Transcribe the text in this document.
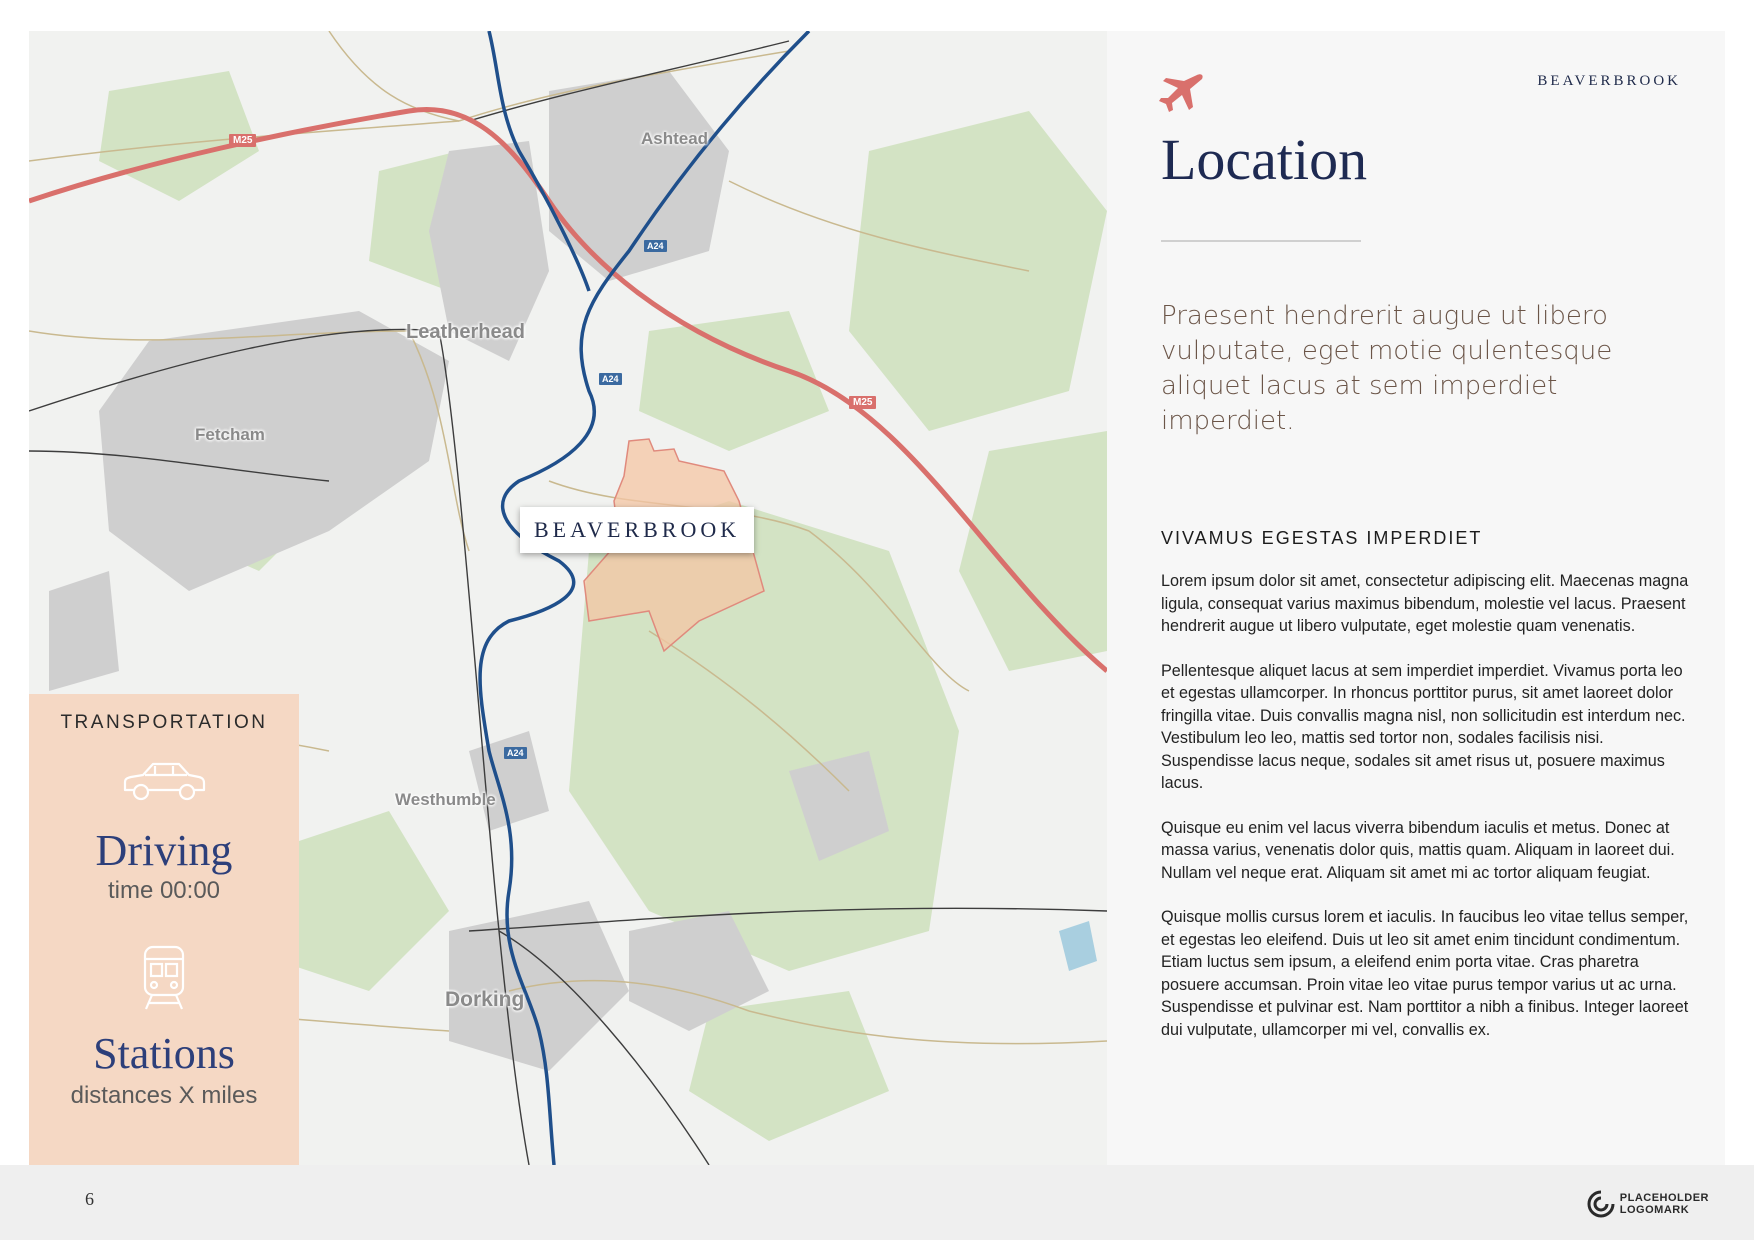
Ashtead
Leatherhead
Fetcham
Westhumble
Dorking
M25
M25
A24
A24
A24
BEAVERBROOK
TRANSPORTATION
Driving
time 00:00
Stations
distances X miles
BEAVERBROOK
Location

Praesent hendrerit augue ut libero vulputate, eget motie qulentesque aliquet lacus at sem imperdiet imperdiet.

VIVAMUS EGESTAS IMPERDIET

Lorem ipsum dolor sit amet, consectetur adipiscing elit. Maecenas magna ligula, consequat varius maximus bibendum, molestie vel lacus. Praesent hendrerit augue ut libero vulputate, eget molestie quam venenatis.

Pellentesque aliquet lacus at sem imperdiet imperdiet. Vivamus porta leo et egestas ullamcorper. In rhoncus porttitor purus, sit amet laoreet dolor fringilla vitae. Duis convallis magna nisl, non sollicitudin est interdum nec. Vestibulum leo leo, mattis sed tortor non, sodales facilisis nisi. Suspendisse lacus neque, sodales sit amet risus ut, posuere maximus lacus.

Quisque eu enim vel lacus viverra bibendum iaculis et metus. Donec at massa varius, venenatis dolor quis, mattis quam. Aliquam in laoreet dui. Nullam vel neque erat. Aliquam sit amet mi ac tortor aliquam feugiat.

Quisque mollis cursus lorem et iaculis. In faucibus leo vitae tellus semper, et egestas leo eleifend. Duis ut leo sit amet enim tincidunt condimentum. Etiam luctus sem ipsum, a eleifend enim porta vitae. Cras pharetra posuere accumsan. Proin vitae leo vitae purus tempor varius ut ac urna. Suspendisse et pulvinar est. Nam porttitor a nibh a finibus. Integer laoreet dui vulputate, ullamcorper mi vel, convallis ex.

6	PLACEHOLDER
LOGOMARK
